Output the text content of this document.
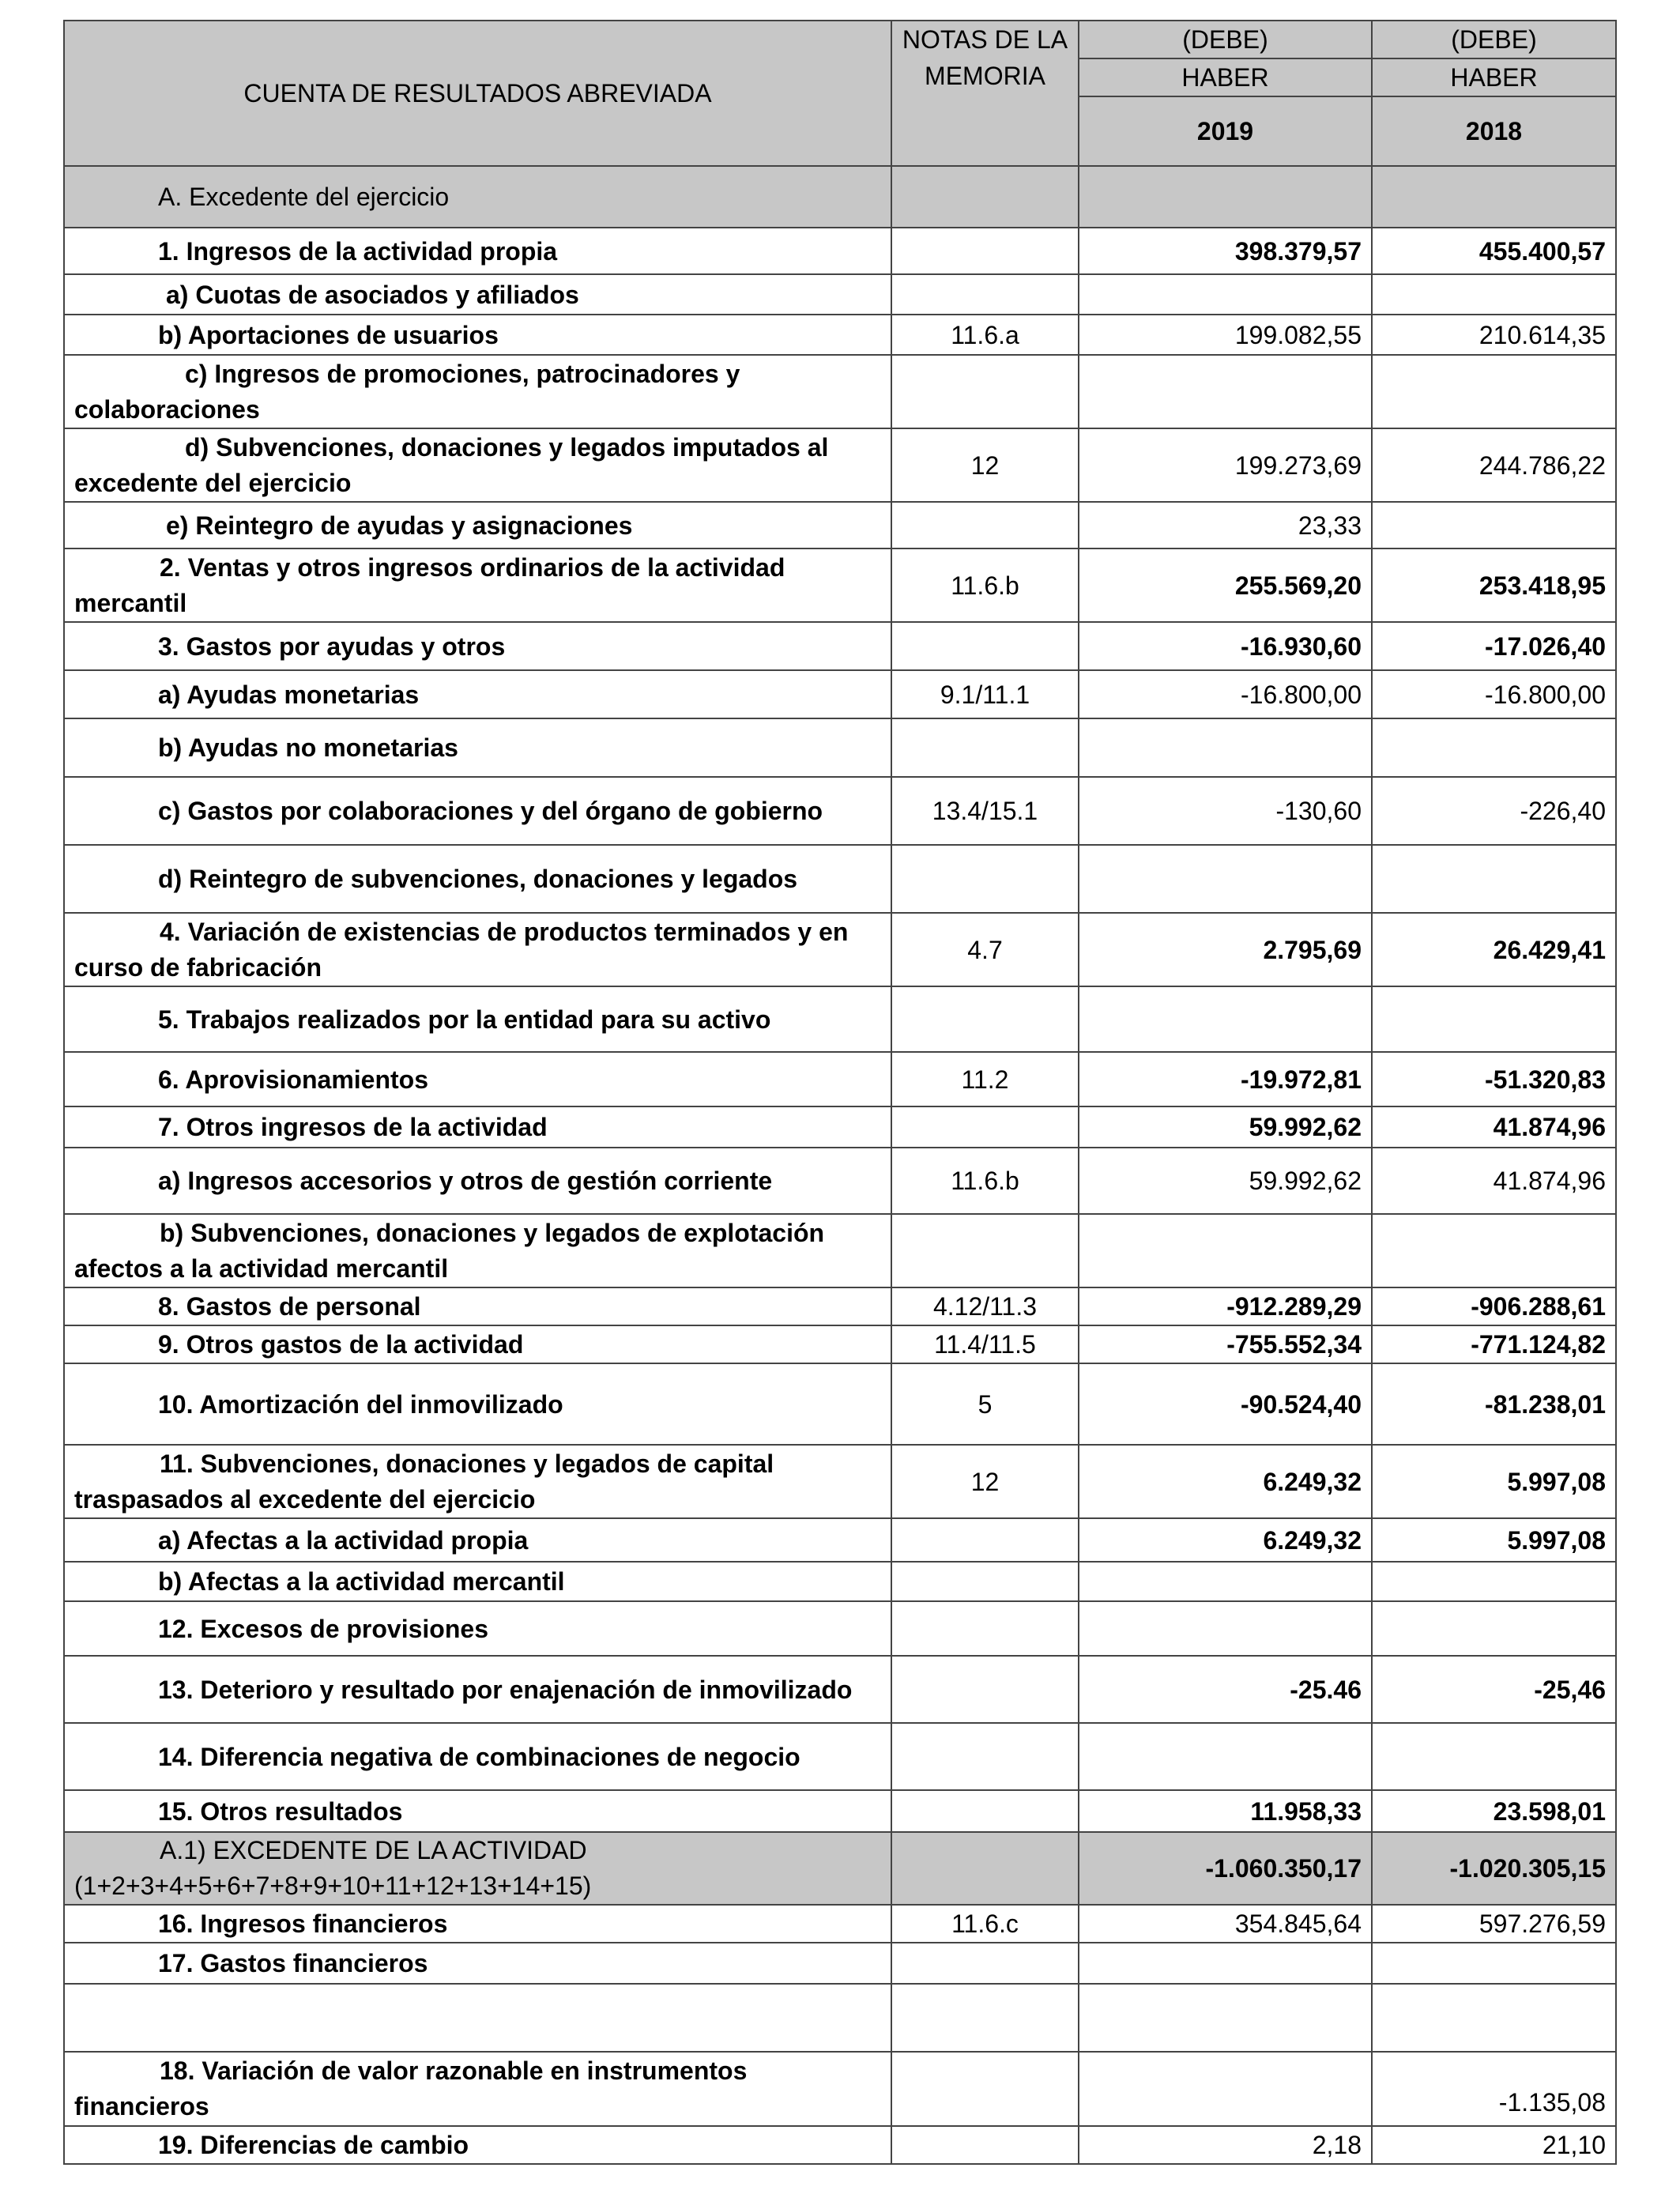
CUENTA DE RESULTADOS ABREVIADA	NOTAS DE LA
MEMORIA	(DEBE)	(DEBE)
		HABER	HABER
		2019	2018
A. Excedente del ejercicio			
1. Ingresos de la actividad propia		398.379,57	455.400,57
a) Cuotas de asociados y afiliados			
b) Aportaciones de usuarios	11.6.a	199.082,55	210.614,35

c) Ingresos de promociones, patrocinadores y
colaboraciones			

d) Subvenciones, donaciones y legados imputados al
excedente del ejercicio	12	199.273,69	244.786,22
e) Reintegro de ayudas y asignaciones		23,33	

2. Ventas y otros ingresos ordinarios de la actividad
mercantil	11.6.b	255.569,20	253.418,95
3. Gastos por ayudas y otros		-16.930,60	-17.026,40
a) Ayudas monetarias	9.1/11.1	-16.800,00	-16.800,00
b) Ayudas no monetarias			
c) Gastos por colaboraciones y del órgano de gobierno	13.4/15.1	-130,60	-226,40
d) Reintegro de subvenciones, donaciones y legados			

4. Variación de existencias de productos terminados y en
curso de fabricación	4.7	2.795,69	26.429,41
5. Trabajos realizados por la entidad para su activo			
6. Aprovisionamientos	11.2	-19.972,81	-51.320,83
7. Otros ingresos de la actividad		59.992,62	41.874,96
a) Ingresos accesorios y otros de gestión corriente	11.6.b	59.992,62	41.874,96

b) Subvenciones, donaciones y legados de explotación
afectos a la actividad mercantil			
8. Gastos de personal	4.12/11.3	-912.289,29	-906.288,61
9. Otros gastos de la actividad	11.4/11.5	-755.552,34	-771.124,82
10. Amortización del inmovilizado	5	-90.524,40	-81.238,01

11. Subvenciones, donaciones y legados de capital
traspasados al excedente del ejercicio	12	6.249,32	5.997,08
a) Afectas a la actividad propia		6.249,32	5.997,08
b) Afectas a la actividad mercantil			
12. Excesos de provisiones			
13. Deterioro y resultado por enajenación de inmovilizado		-25.46	-25,46
14. Diferencia negativa de combinaciones de negocio			
15. Otros resultados		11.958,33	23.598,01

A.1) EXCEDENTE DE LA ACTIVIDAD
(1+2+3+4+5+6+7+8+9+10+11+12+13+14+15)		-1.060.350,17	-1.020.305,15
16. Ingresos financieros	11.6.c	354.845,64	597.276,59
17. Gastos financieros			

18. Variación de valor razonable en instrumentos
financieros			-1.135,08
19. Diferencias de cambio		2,18	21,10
